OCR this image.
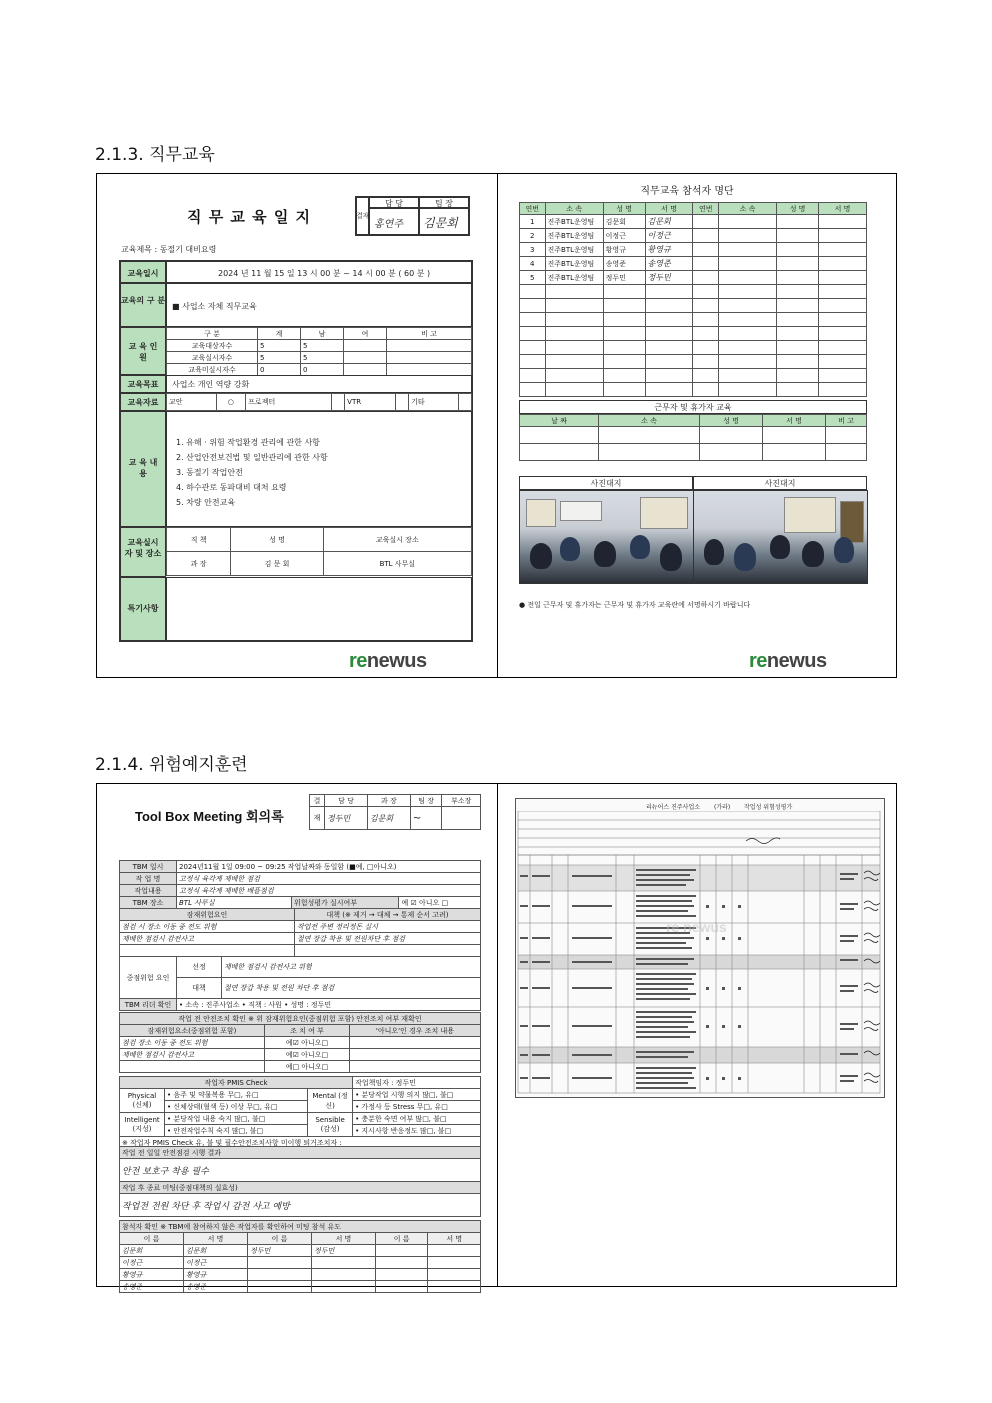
2.1.3. 직무교육
직 무 교 육 일 지	결재
담 당	팀 장
홍연주 김문회
교육제목 : 동절기 대비요령
교육일시	2024 년 11 월 15 일 13 시 00 분 ~ 14 시 00 분 ( 60 분 )
교육의 구 분
■ 사업소 자체 직무교육
교 육 인 원
구 분	계	남	여	비 고
교육대상자수	5	5		
교육실시자수	5	5		
교육미실시자수	0	0		
교육목표	사업소 개인 역량 강화
교육자료	교안	○	프로젝터		VTR		기타	
교 육 내 용
1. 유해 · 위험 작업환경 관리에 관한 사항
2. 산업안전보건법 및 일반관리에 관한 사항
3. 동절기 작업안전
4. 하수관로 동파대비 대처 요령
5. 차량 안전교육
교육실시자 및 장소
직 책	성 명	교육실시 장소
과 장	김 문 회	BTL 사무실
특기사항
renewus
직무교육 참석자 명단
연번	소 속	성 명	서 명	연번	소 속	성 명	서 명
1	진주BTL운영팀	김문회	김문회				
2	진주BTL운영팀	이정근	이정근				
3	진주BTL운영팀	황영규	황영규				
4	진주BTL운영팀	송영준	송영준				
5	진주BTL운영팀	정두민	정두민				

근무자 및 휴가자 교육
날 짜	소 속	성 명	서 명	비 고

사진대지	사진대지
● 전일 근무자 및 휴가자는 근무자 및 휴가자 교육란에 서명하시기 바랍니다
renewus
2.1.4. 위험예지훈련
Tool Box Meeting 회의록
결	담 당	과 장	팀 장	부소장
재	정두민	김문회	~	
TBM 일시	2024년11월 1일 09:00 ~ 09:25 작업날짜와 동일함 (■예, □아니오)		
작 업 명	고정식 육각계 제배한 점검		
작업내용	고정식 육각계 제배한 배플점검		
TBM 장소	BTL 사무실	위험성평가 실시여부	예 ☑ 아니오 □
잠재위험요인	대책 (※ 제거 → 대체 → 통제 순서 고려)
점검 시 장소 이동 중 전도 위험	작업전 주변 정리정돈 실시
재배한 점검시 감전사고	절연 장갑 착용 및 전원차단 후 점검

중점위험 요인	선정	재배한 점검시 감전사고 위험
	대책	절연 장갑 착용 및 전원 차단 후 점검
TBM 리더 확인	• 소속 : 진주사업소 • 직책 : 사원 • 성명 : 정두민	
작업 전 안전조치 확인 ※ 위 잠재위험요인(중점위험 포함) 안전조치 여부 재확인		
잠재위험요소(중점위험 포함)	조 치 여 부	'아니오'인 경우 조치 내용
점검 장소 이동 중 전도 위험	예☑ 아니오□	
재배한 점검시 감전사고	예☑ 아니오□	
	예□ 아니오□	
작업자 PMIS Check			작업책임자 : 정두민
Physical (신체)	• 음주 및 약물복용 무□, 유□	Mental (정신)	• 분당작업 시행 의지 많□, 불□
	• 신체상태(혈색 등) 이상 무□, 유□		• 가정사 등 Stress 무□, 유□
Intelligent (지성)	• 분당작업 내용 숙지 많□, 불□	Sensible (감성)	• 충분한 숙면 여부 많□, 불□
	• 안전작업수칙 숙지 많□, 불□		• 지시사항 반응정도 많□, 불□
※ 작업자 PMIS Check 유, 불 및 필수안전조치사항 미이행 퇴거조치자 :			
작업 전 일일 안전점검 시행 결과
안전 보호구 착용 필수
작업 후 종료 미팅(중점대책의 실효성)
작업전 전원 차단 후 작업시 감전 사고 예방
참석자 확인 ※ TBM에 참여하지 않은 작업자를 확인하여 미팅 참석 유도					
이 름	서 명	이 름	서 명	이 름	서 명
김문회	김문회	정두민	정두민		
이정근	이정근				
황영규	황영규				
송영준	송영준				
리뉴어스 진주사업소 (가라) 작업성 위험성평가
re newus
